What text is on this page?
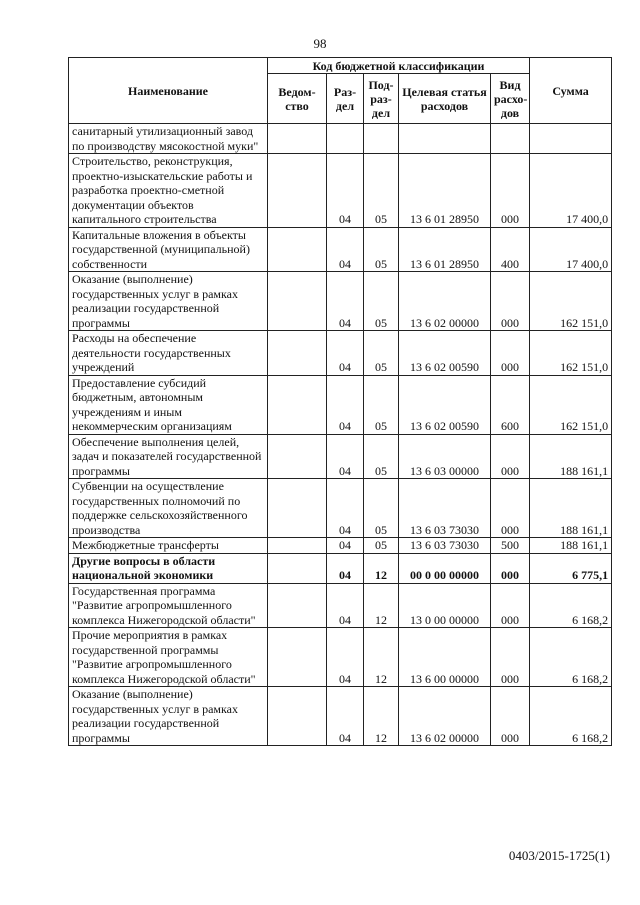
98
Наименование	Код бюджетной классификации					Сумма
	Ведом-ство	Раз-дел	Под-раз-дел	Целевая статья расходов	Вид расхо-дов	
санитарный утилизационный завод по производству мясокостной муки"						
Строительство, реконструкция, проектно-изыскательские работы и разработка проектно-сметной документации объектов капитального строительства		04	05	13 6 01 28950	000	17 400,0
Капитальные вложения в объекты государственной (муниципальной) собственности		04	05	13 6 01 28950	400	17 400,0
Оказание (выполнение) государственных услуг в рамках реализации государственной программы		04	05	13 6 02 00000	000	162 151,0
Расходы на обеспечение деятельности государственных учреждений		04	05	13 6 02 00590	000	162 151,0
Предоставление субсидий бюджетным, автономным учреждениям и иным некоммерческим организациям		04	05	13 6 02 00590	600	162 151,0
Обеспечение выполнения целей, задач и показателей государственной программы		04	05	13 6 03 00000	000	188 161,1
Субвенции на осуществление государственных полномочий по поддержке сельскохозяйственного производства		04	05	13 6 03 73030	000	188 161,1
Межбюджетные трансферты		04	05	13 6 03 73030	500	188 161,1
Другие вопросы в области национальной экономики		04	12	00 0 00 00000	000	6 775,1
Государственная программа "Развитие агропромышленного комплекса Нижегородской области"		04	12	13 0 00 00000	000	6 168,2
Прочие мероприятия в рамках государственной программы "Развитие агропромышленного комплекса Нижегородской области"		04	12	13 6 00 00000	000	6 168,2
Оказание (выполнение) государственных услуг в рамках реализации государственной программы		04	12	13 6 02 00000	000	6 168,2
0403/2015-1725(1)
